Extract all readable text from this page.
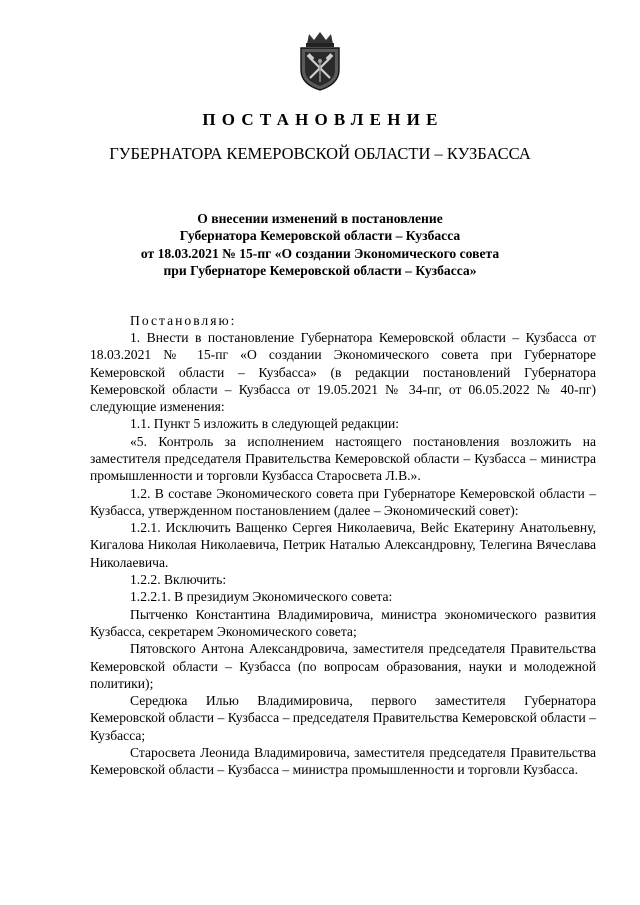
ПОСТАНОВЛЕНИЕ
ГУБЕРНАТОРА КЕМЕРОВСКОЙ ОБЛАСТИ – КУЗБАССА
О внесении изменений в постановление
Губернатора Кемеровской области – Кузбасса
от 18.03.2021 № 15-пг «О создании Экономического совета
при Губернаторе Кемеровской области – Кузбасса»

Постановляю:

1. Внести в постановление Губернатора Кемеровской области – Кузбасса от 18.03.2021 № 15-пг «О создании Экономического совета при Губернаторе Кемеровской области – Кузбасса» (в редакции постановлений Губернатора Кемеровской области – Кузбасса от 19.05.2021 № 34-пг, от 06.05.2022 № 40-пг) следующие изменения:

1.1. Пункт 5 изложить в следующей редакции:

«5. Контроль за исполнением настоящего постановления возложить на заместителя председателя Правительства Кемеровской области – Кузбасса – министра промышленности и торговли Кузбасса Старосвета Л.В.».

1.2. В составе Экономического совета при Губернаторе Кемеровской области – Кузбасса, утвержденном постановлением (далее – Экономический совет):

1.2.1. Исключить Ващенко Сергея Николаевича, Вейс Екатерину Анатольевну, Кигалова Николая Николаевича, Петрик Наталью Александровну, Телегина Вячеслава Николаевича.

1.2.2. Включить:

1.2.2.1. В президиум Экономического совета:

Пытченко Константина Владимировича, министра экономического развития Кузбасса, секретарем Экономического совета;

Пятовского Антона Александровича, заместителя председателя Правительства Кемеровской области – Кузбасса (по вопросам образования, науки и молодежной политики);

Середюка Илью Владимировича, первого заместителя Губернатора Кемеровской области – Кузбасса – председателя Правительства Кемеровской области – Кузбасса;

Старосвета Леонида Владимировича, заместителя председателя Правительства Кемеровской области – Кузбасса – министра промышленности и торговли Кузбасса.
